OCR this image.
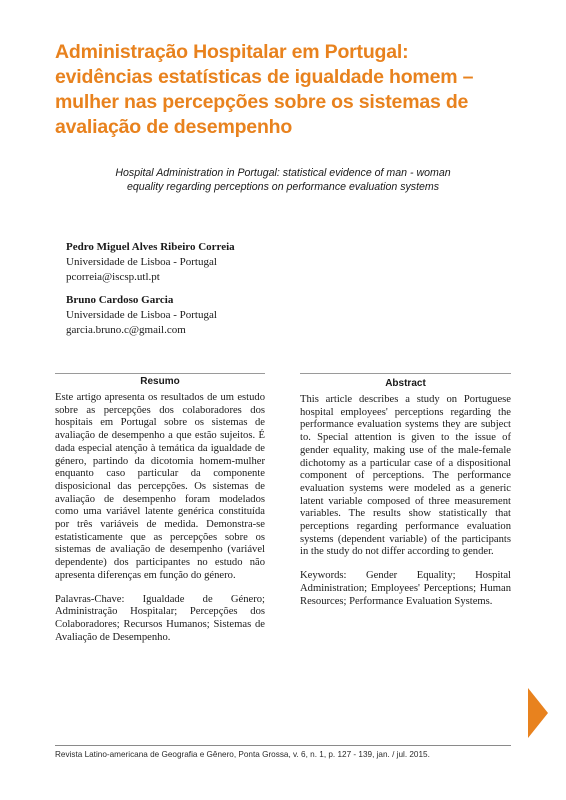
Administração Hospitalar em Portugal:
evidências estatísticas de igualdade homem –
mulher nas percepções sobre os sistemas de
avaliação de desempenho

Hospital Administration in Portugal: statistical evidence of man - woman
equality regarding perceptions on performance evaluation systems

Pedro Miguel Alves Ribeiro Correia
Universidade de Lisboa - Portugal
pcorreia@iscsp.utl.pt
Bruno Cardoso Garcia
Universidade de Lisboa - Portugal
garcia.bruno.c@gmail.com
Resumo

Este artigo apresenta os resultados de um estudo sobre as percepções dos colaboradores dos hospitais em Portugal sobre os sistemas de avaliação de desempenho a que estão sujeitos. É dada especial atenção à temática da igualdade de género, partindo da dicotomia homem-mulher enquanto caso particular da componente disposicional das percepções. Os sistemas de avaliação de desempenho foram modelados como uma variável latente genérica constituída por três variáveis de medida. Demonstra-se estatisticamente que as percepções sobre os sistemas de avaliação de desempenho (variável dependente) dos participantes no estudo não apresenta diferenças em função do género.

Palavras-Chave: Igualdade de Género; Administração Hospitalar; Percepções dos Colaboradores; Recursos Humanos; Sistemas de Avaliação de Desempenho.

Abstract

This article describes a study on Portuguese hospital employees' perceptions regarding the performance evaluation systems they are subject to. Special attention is given to the issue of gender equality, making use of the male-female dichotomy as a particular case of a dispositional component of perceptions. The performance evaluation systems were modeled as a generic latent variable composed of three measurement variables. The results show statistically that perceptions regarding performance evaluation systems (dependent variable) of the participants in the study do not differ according to gender.

Keywords: Gender Equality; Hospital Administration; Employees' Perceptions; Human Resources; Performance Evaluation Systems.

Revista Latino-americana de Geografia e Gênero, Ponta Grossa, v. 6, n. 1, p. 127 - 139, jan. / jul. 2015.
